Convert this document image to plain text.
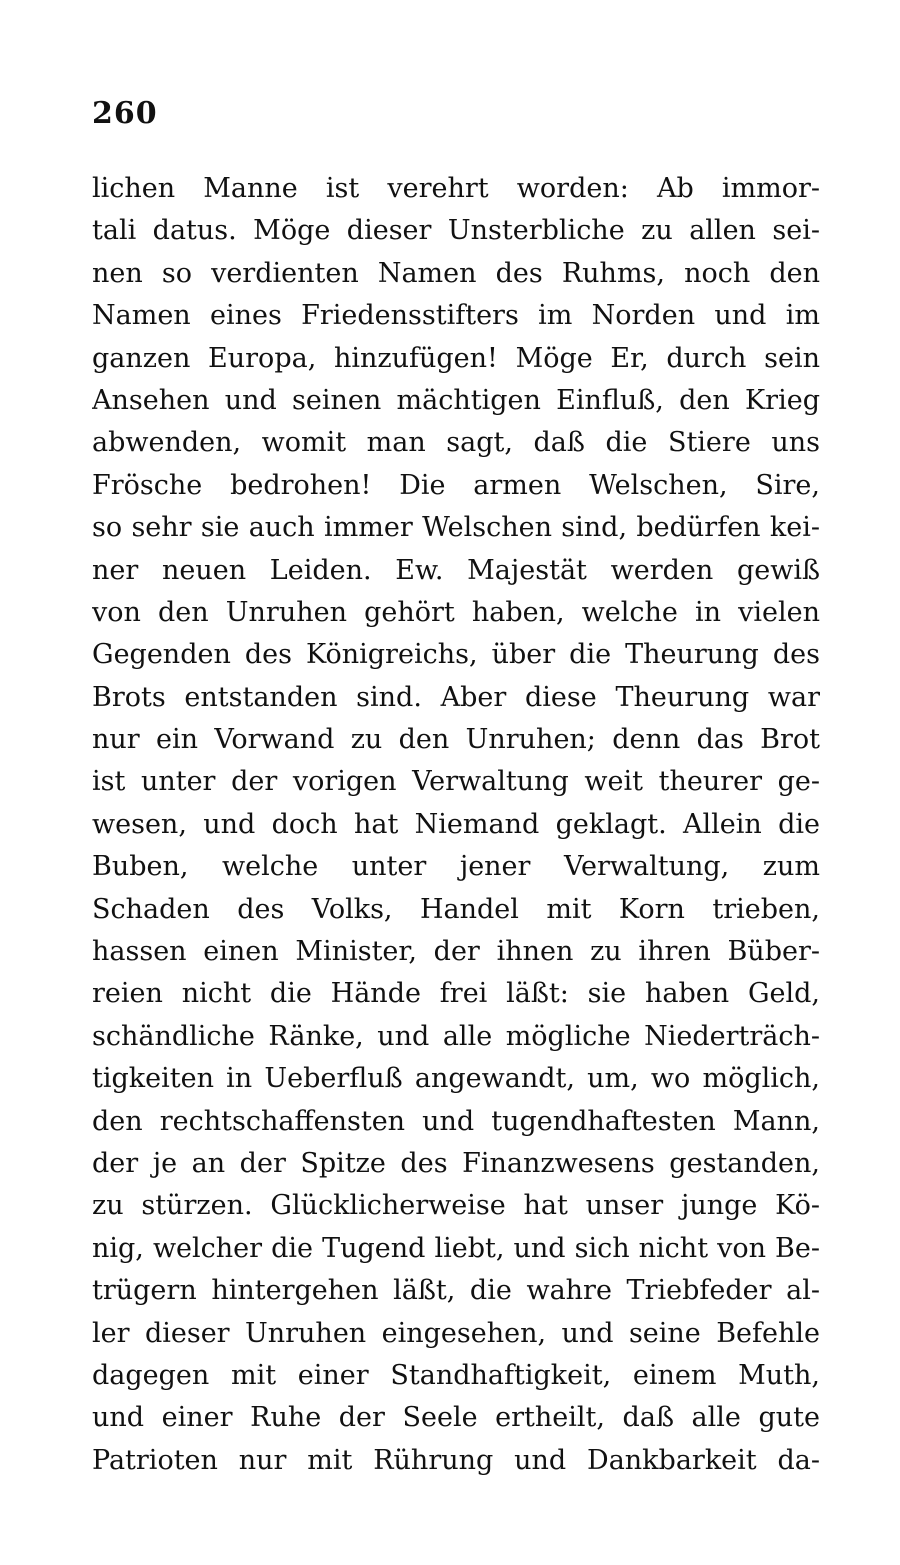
260
lichen Manne ist verehrt worden: Ab immor-
tali datus. Möge dieser Unsterbliche zu allen sei-
nen so verdienten Namen des Ruhms, noch den
Namen eines Friedensstifters im Norden und im
ganzen Europa, hinzufügen! Möge Er, durch sein
Ansehen und seinen mächtigen Einfluß, den Krieg
abwenden, womit man sagt, daß die Stiere uns
Frösche bedrohen! Die armen Welschen, Sire,
so sehr sie auch immer Welschen sind, bedürfen kei-
ner neuen Leiden. Ew. Majestät werden gewiß
von den Unruhen gehört haben, welche in vielen
Gegenden des Königreichs, über die Theurung des
Brots entstanden sind. Aber diese Theurung war
nur ein Vorwand zu den Unruhen; denn das Brot
ist unter der vorigen Verwaltung weit theurer ge-
wesen, und doch hat Niemand geklagt. Allein die
Buben, welche unter jener Verwaltung, zum
Schaden des Volks, Handel mit Korn trieben,
hassen einen Minister, der ihnen zu ihren Büber-
reien nicht die Hände frei läßt: sie haben Geld,
schändliche Ränke, und alle mögliche Niederträch-
tigkeiten in Ueberfluß angewandt, um, wo möglich,
den rechtschaffensten und tugendhaftesten Mann,
der je an der Spitze des Finanzwesens gestanden,
zu stürzen. Glücklicherweise hat unser junge Kö-
nig, welcher die Tugend liebt, und sich nicht von Be-
trügern hintergehen läßt, die wahre Triebfeder al-
ler dieser Unruhen eingesehen, und seine Befehle
dagegen mit einer Standhaftigkeit, einem Muth,
und einer Ruhe der Seele ertheilt, daß alle gute
Patrioten nur mit Rührung und Dankbarkeit da-
